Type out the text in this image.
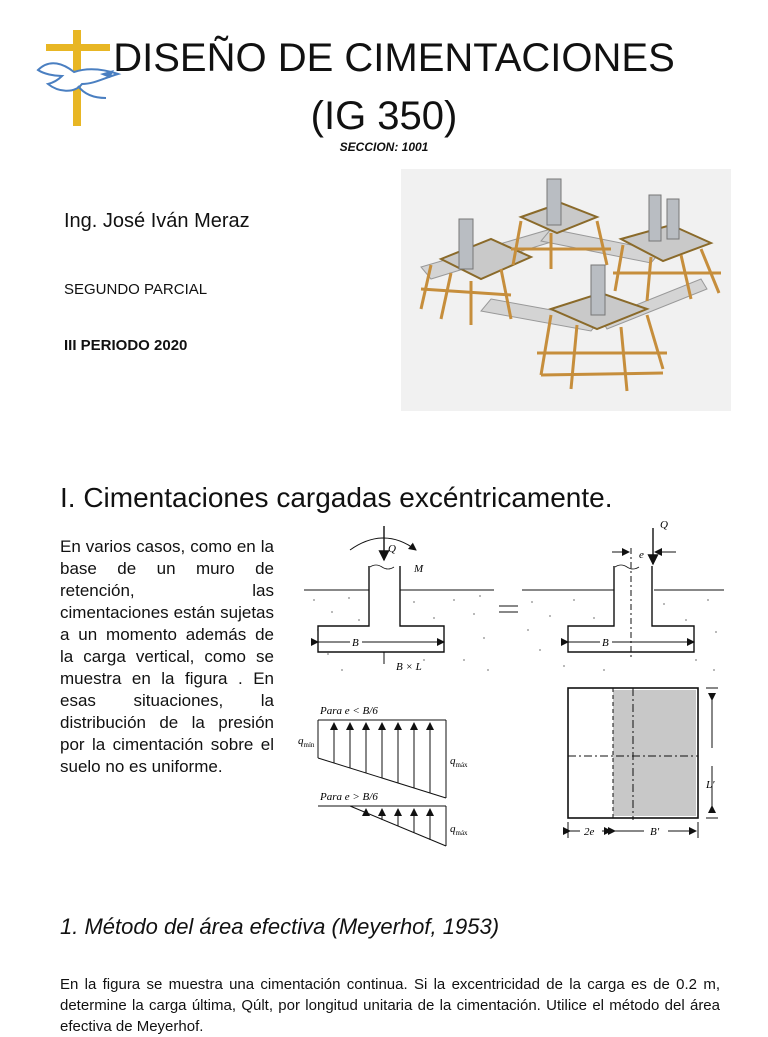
DISEÑO DE CIMENTACIONES
(IG 350)
SECCION: 1001
Ing. José Iván Meraz
SEGUNDO PARCIAL
III PERIODO 2020
I. Cimentaciones cargadas excéntricamente.
En varios casos, como en la base de un muro de retención, las cimentaciones están sujetas a un momento además de la carga vertical, como se muestra en la figura . En esas situaciones, la distribución de la presión por la cimentación sobre el suelo no es uniforme.
Q
M
B
B × L
Q
e
B
Para e < B/6
$q_{mín}$
$q_{máx}$
Para e > B/6
$q_{máx}$
L′
2e	B′
1. Método del área efectiva (Meyerhof, 1953)
En la figura se muestra una cimentación continua. Si la excentricidad de la carga es de 0.2 m, determine la carga última, Qúlt, por longitud unitaria de la cimentación. Utilice el método del área efectiva de Meyerhof.
